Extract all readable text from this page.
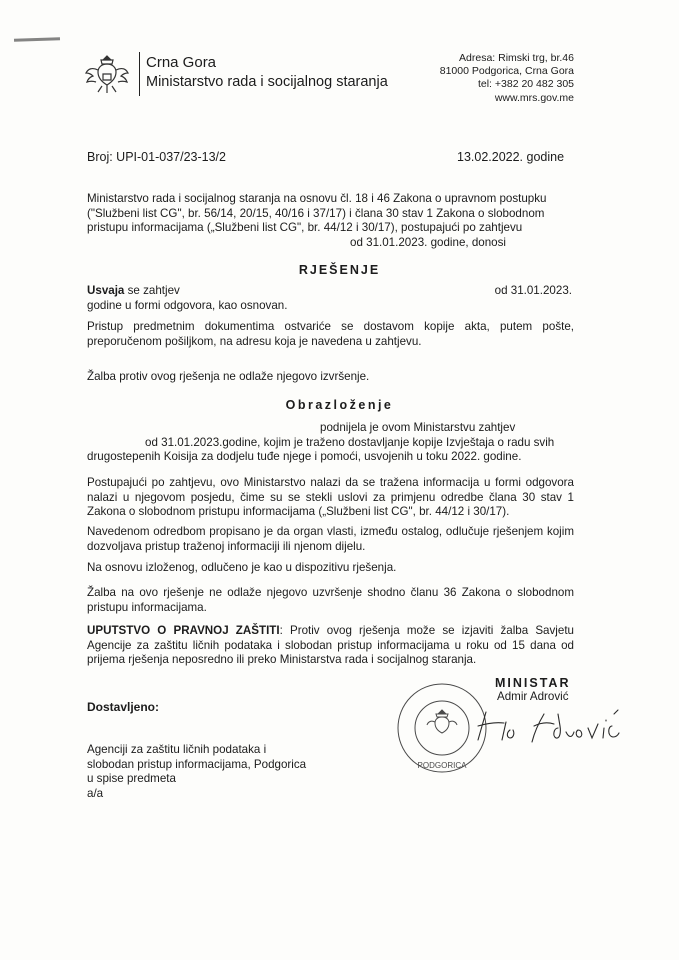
Crna Gora
Ministarstvo rada i socijalnog staranja
Adresa: Rimski trg, br.46
81000 Podgorica, Crna Gora
tel: +382 20 482 305
www.mrs.gov.me
Broj: UPI-01-037/23-13/2	13.02.2022. godine

Ministarstvo rada i socijalnog staranja na osnovu čl. 18 i 46 Zakona o upravnom postupku

("Službeni list CG", br. 56/14, 20/15, 40/16 i 37/17) i člana 30 stav 1 Zakona o slobodnom

pristupu informacijama („Službeni list CG", br. 44/12 i 30/17), postupajući po zahtjevu

od 31.01.2023. godine, donosi

RJEŠENJE

Usvaja se zahtjev	od 31.01.2023.

godine u formi odgovora, kao osnovan.

Pristup predmetnim dokumentima ostvariće se dostavom kopije akta, putem pošte, preporučenom pošiljkom, na adresu koja je navedena u zahtjevu.
Žalba protiv ovog rješenja ne odlaže njegovo izvršenje.
Obrazloženje

podnijela je ovom Ministarstvu zahtjev

od 31.01.2023.godine, kojim je traženo dostavljanje kopije Izvještaja o radu svih

drugostepenih Koisija za dodjelu tuđe njege i pomoći, usvojenih u toku 2022. godine.

Postupajući po zahtjevu, ovo Ministarstvo nalazi da se tražena informacija u formi odgovora nalazi u njegovom posjedu, čime su se stekli uslovi za primjenu odredbe člana 30 stav 1 Zakona o slobodnom pristupu informacijama („Službeni list CG", br. 44/12 i 30/17).
Navedenom odredbom propisano je da organ vlasti, između ostalog, odlučuje rješenjem kojim dozvoljava pristup traženoj informaciji ili njenom dijelu.
Na osnovu izloženog, odlučeno je kao u dispozitivu rješenja.
Žalba na ovo rješenje ne odlaže njegovo uzvršenje shodno članu 36 Zakona o slobodnom pristupu informacijama.
UPUTSTVO O PRAVNOJ ZAŠTITI: Protiv ovog rješenja može se izjaviti žalba Savjetu Agencije za zaštitu ličnih podataka i slobodan pristup informacijama u roku od 15 dana od prijema rješenja neposredno ili preko Ministarstva rada i socijalnog staranja.
PODGORICA
MINISTAR
Admir Adrović
Dostavljeno:
Agenciji za zaštitu ličnih podataka i
slobodan pristup informacijama, Podgorica
u spise predmeta
a/a
